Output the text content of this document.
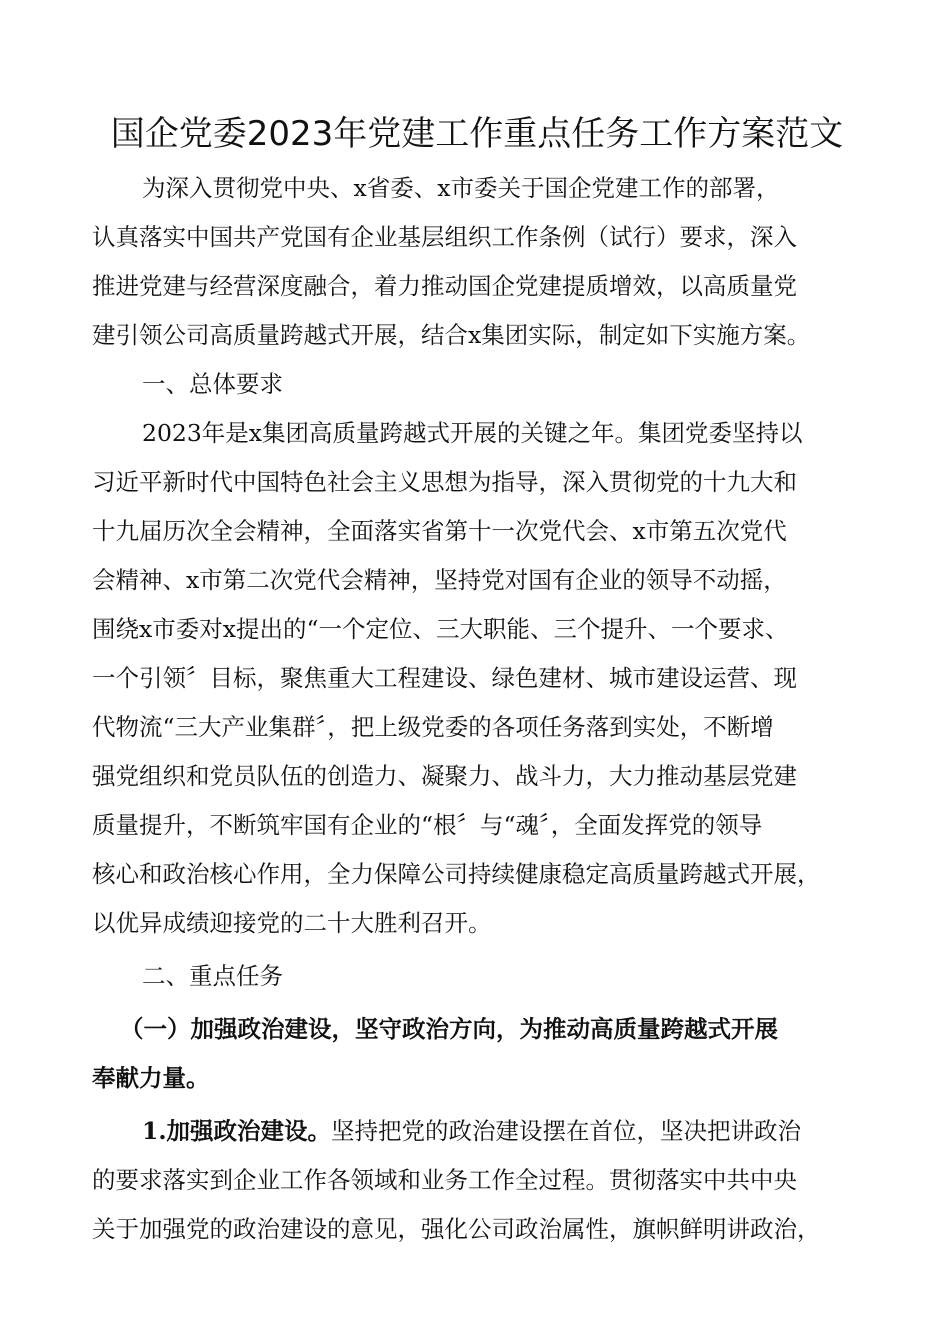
国企党委2023年党建工作重点任务工作方案范文
为深入贯彻党中央、x省委、x市委关于国企党建工作的部署，
认真落实中国共产党国有企业基层组织工作条例（试行）要求，深入
推进党建与经营深度融合，着力推动国企党建提质增效，以高质量党
建引领公司高质量跨越式开展，结合x集团实际，制定如下实施方案。
一、总体要求
2023年是x集团高质量跨越式开展的关键之年。集团党委坚持以
习近平新时代中国特色社会主义思想为指导，深入贯彻党的十九大和
十九届历次全会精神，全面落实省第十一次党代会、x市第五次党代
会精神、x市第二次党代会精神，坚持党对国有企业的领导不动摇，
围绕x市委对x提出的“一个定位、三大职能、三个提升、一个要求、
一个引领〞目标，聚焦重大工程建设、绿色建材、城市建设运营、现
代物流“三大产业集群〞，把上级党委的各项任务落到实处，不断增
强党组织和党员队伍的创造力、凝聚力、战斗力，大力推动基层党建
质量提升，不断筑牢国有企业的“根〞与“魂〞，全面发挥党的领导
核心和政治核心作用，全力保障公司持续健康稳定高质量跨越式开展，
以优异成绩迎接党的二十大胜利召开。
二、重点任务
（一）加强政治建设，坚守政治方向，为推动高质量跨越式开展
奉献力量。
1.加强政治建设。坚持把党的政治建设摆在首位，坚决把讲政治
的要求落实到企业工作各领域和业务工作全过程。贯彻落实中共中央
关于加强党的政治建设的意见，强化公司政治属性，旗帜鲜明讲政治，
